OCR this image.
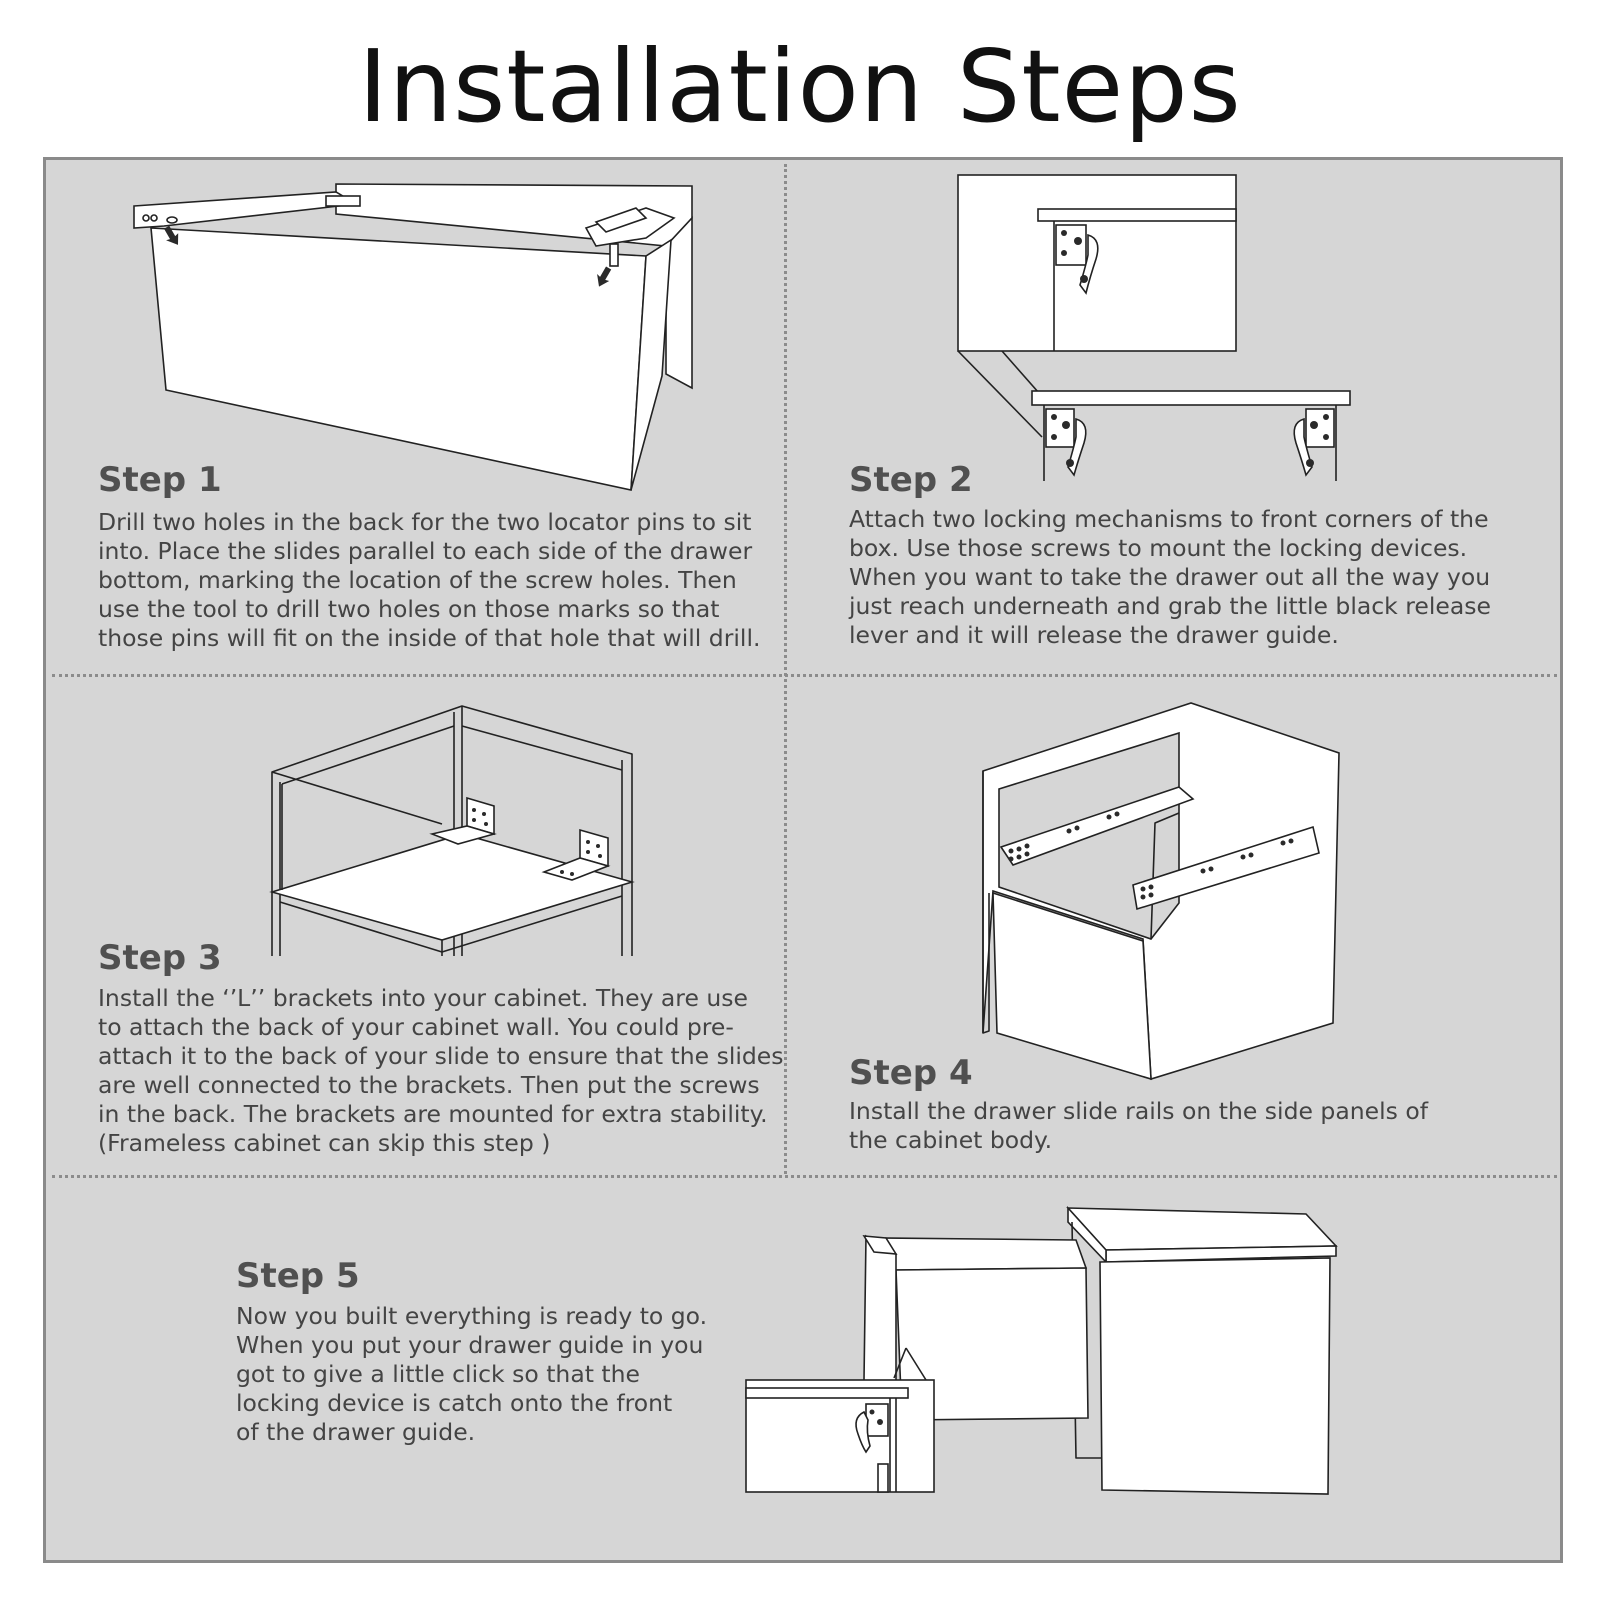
Installation Steps
Step 1
Drill two holes in the back for the two locator pins to sit
into. Place the slides parallel to each side of the drawer
bottom, marking the location of the screw holes. Then
use the tool to drill two holes on those marks so that
those pins will fit on the inside of that hole that will drill.
Step 2
Attach two locking mechanisms to front corners of the
box. Use those screws to mount the locking devices.
When you want to take the drawer out all the way you
just reach underneath and grab the little black release
lever and it will release the drawer guide.
Step 3
Install the ‘’L’’ brackets into your cabinet. They are use
to attach the back of your cabinet wall. You could pre-
attach it to the back of your slide to ensure that the slides
are well connected to the brackets. Then put the screws
in the back. The brackets are mounted for extra stability.
(Frameless cabinet can skip this step )
Step 4
Install the drawer slide rails on the side panels of
the cabinet body.
Step 5
Now you built everything is ready to go.
When you put your drawer guide in you
got to give a little click so that the
locking device is catch onto the front
of the drawer guide.
